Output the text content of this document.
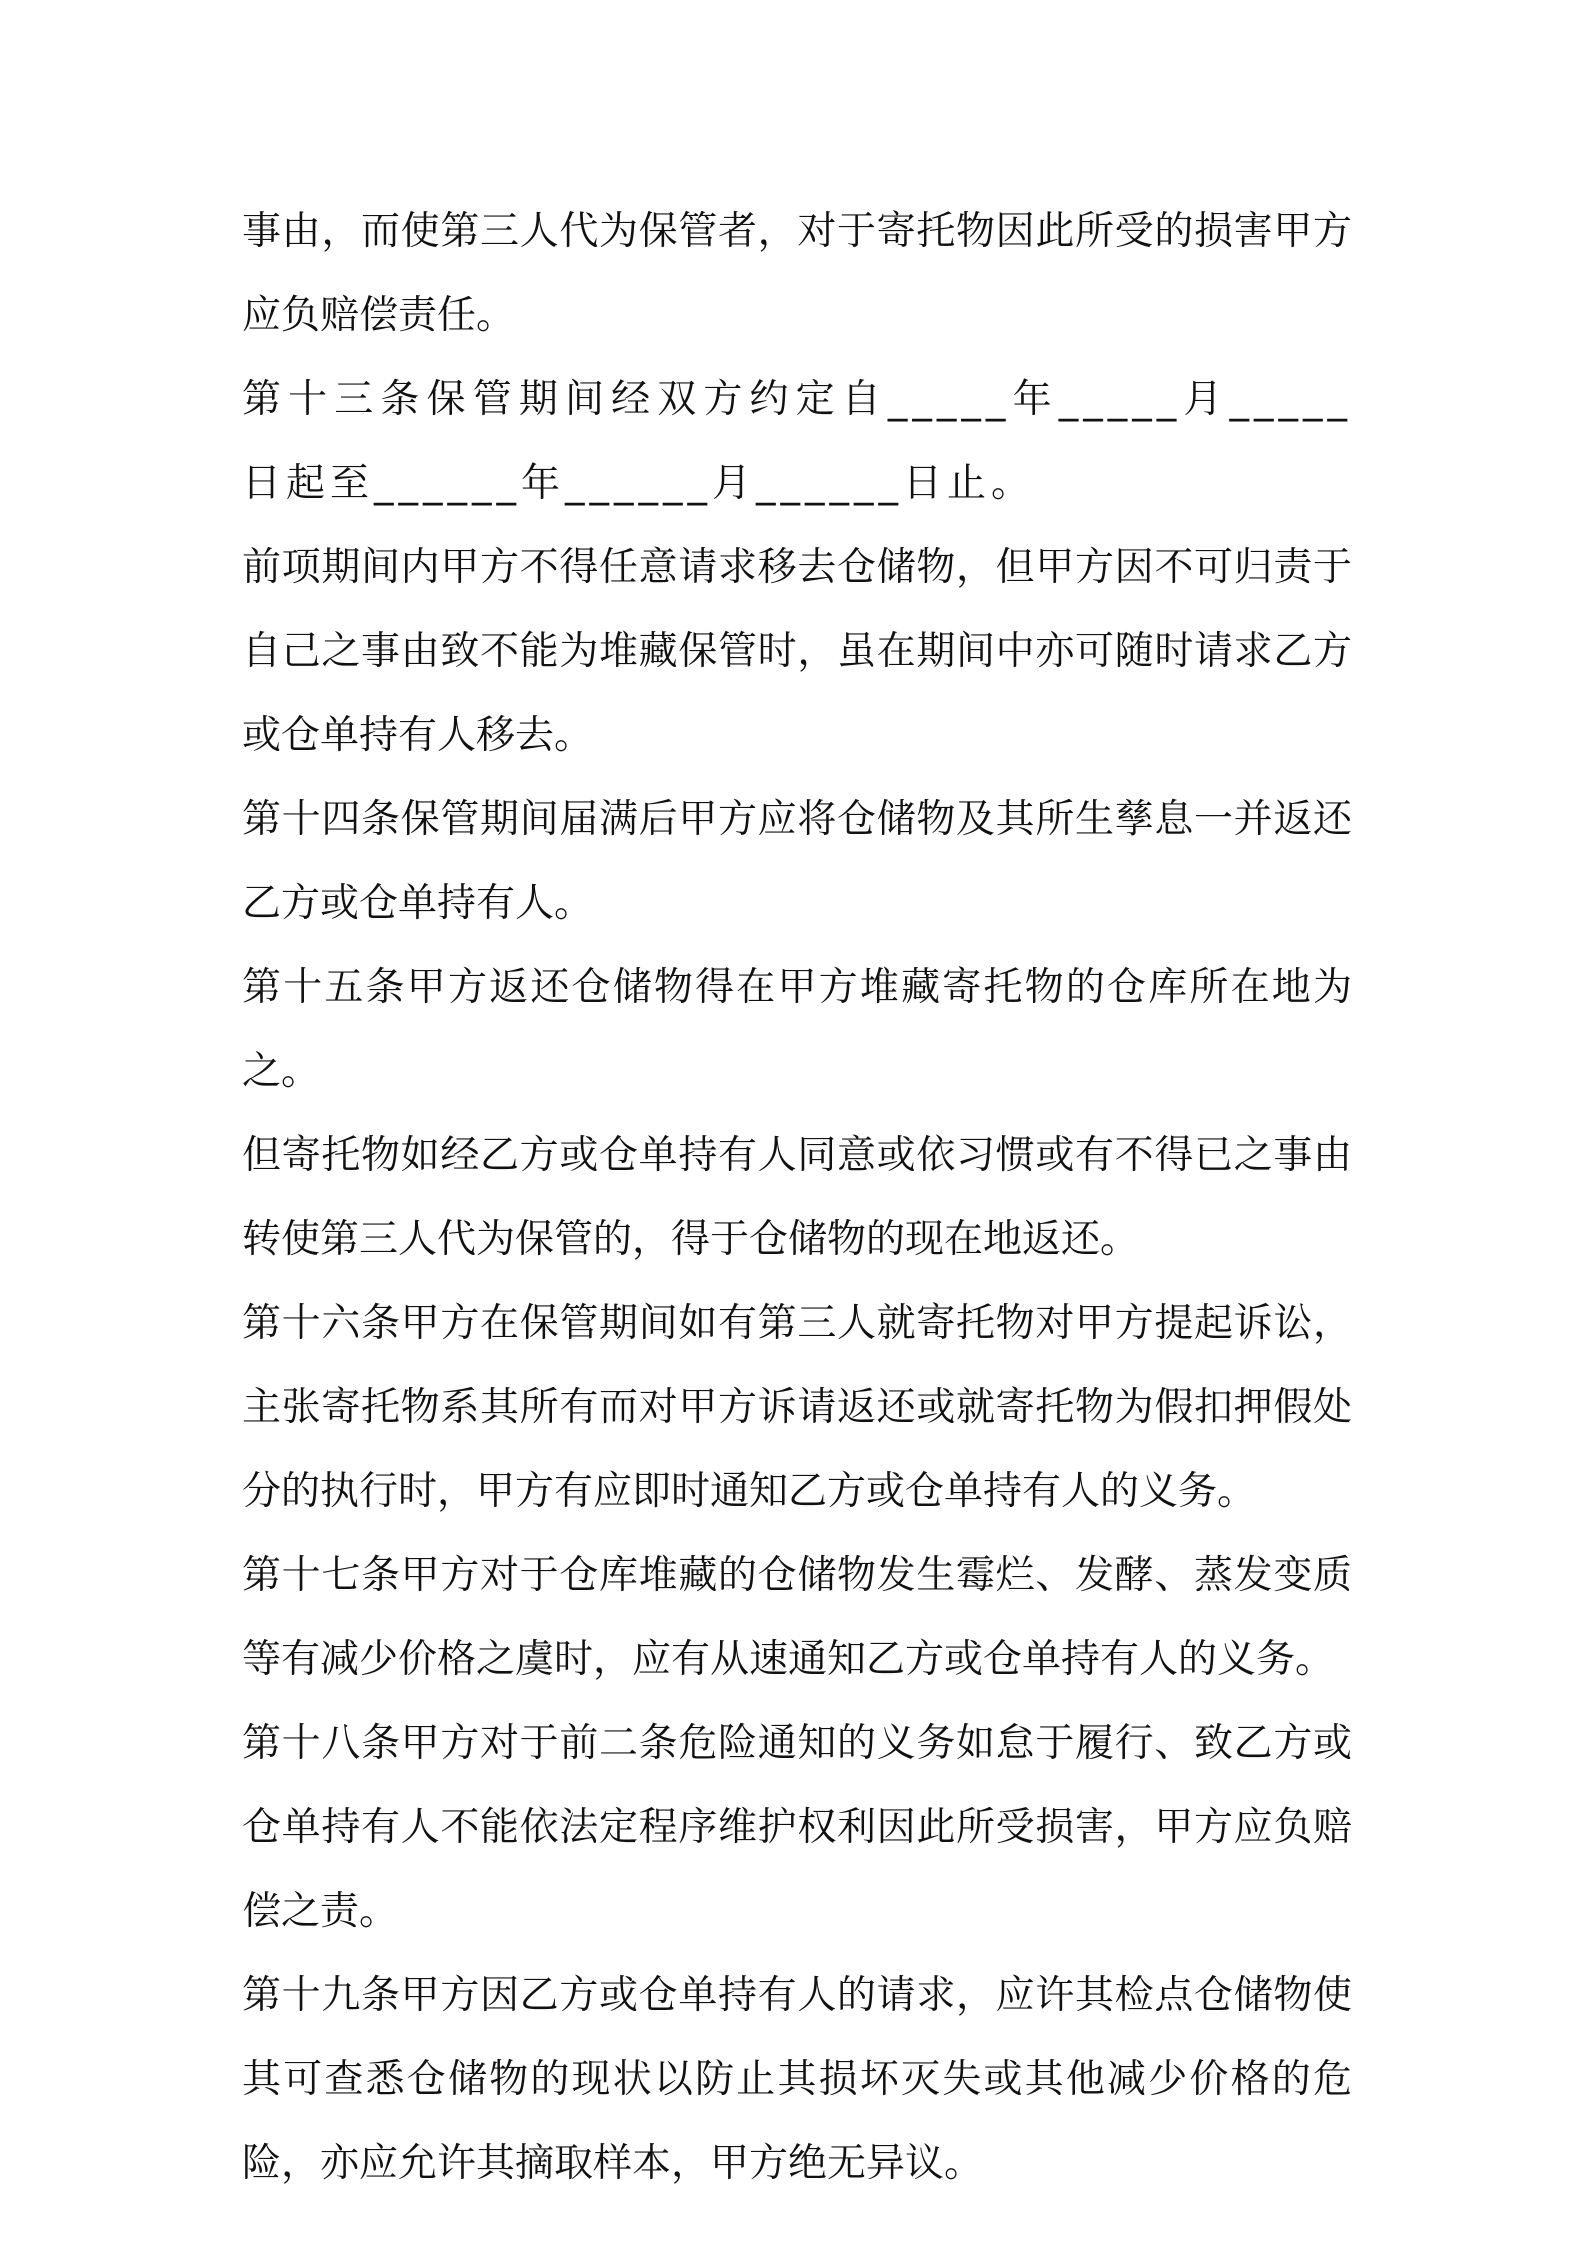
事由，而使第三人代为保管者，对于寄托物因此所受的损害甲方应负赔偿责任。

第十三条保管期间经双方约定自_____年_____月_____日起至______年______月______日止。

前项期间内甲方不得任意请求移去仓储物，但甲方因不可归责于自己之事由致不能为堆藏保管时，虽在期间中亦可随时请求乙方或仓单持有人移去。

第十四条保管期间届满后甲方应将仓储物及其所生孳息一并返还乙方或仓单持有人。

第十五条甲方返还仓储物得在甲方堆藏寄托物的仓库所在地为之。

但寄托物如经乙方或仓单持有人同意或依习惯或有不得已之事由转使第三人代为保管的，得于仓储物的现在地返还。

第十六条甲方在保管期间如有第三人就寄托物对甲方提起诉讼，主张寄托物系其所有而对甲方诉请返还或就寄托物为假扣押假处分的执行时，甲方有应即时通知乙方或仓单持有人的义务。

第十七条甲方对于仓库堆藏的仓储物发生霉烂、发酵、蒸发变质等有减少价格之虞时，应有从速通知乙方或仓单持有人的义务。

第十八条甲方对于前二条危险通知的义务如怠于履行、致乙方或仓单持有人不能依法定程序维护权利因此所受损害，甲方应负赔偿之责。

第十九条甲方因乙方或仓单持有人的请求，应许其检点仓储物使其可查悉仓储物的现状以防止其损坏灭失或其他减少价格的危险，亦应允许其摘取样本，甲方绝无异议。
